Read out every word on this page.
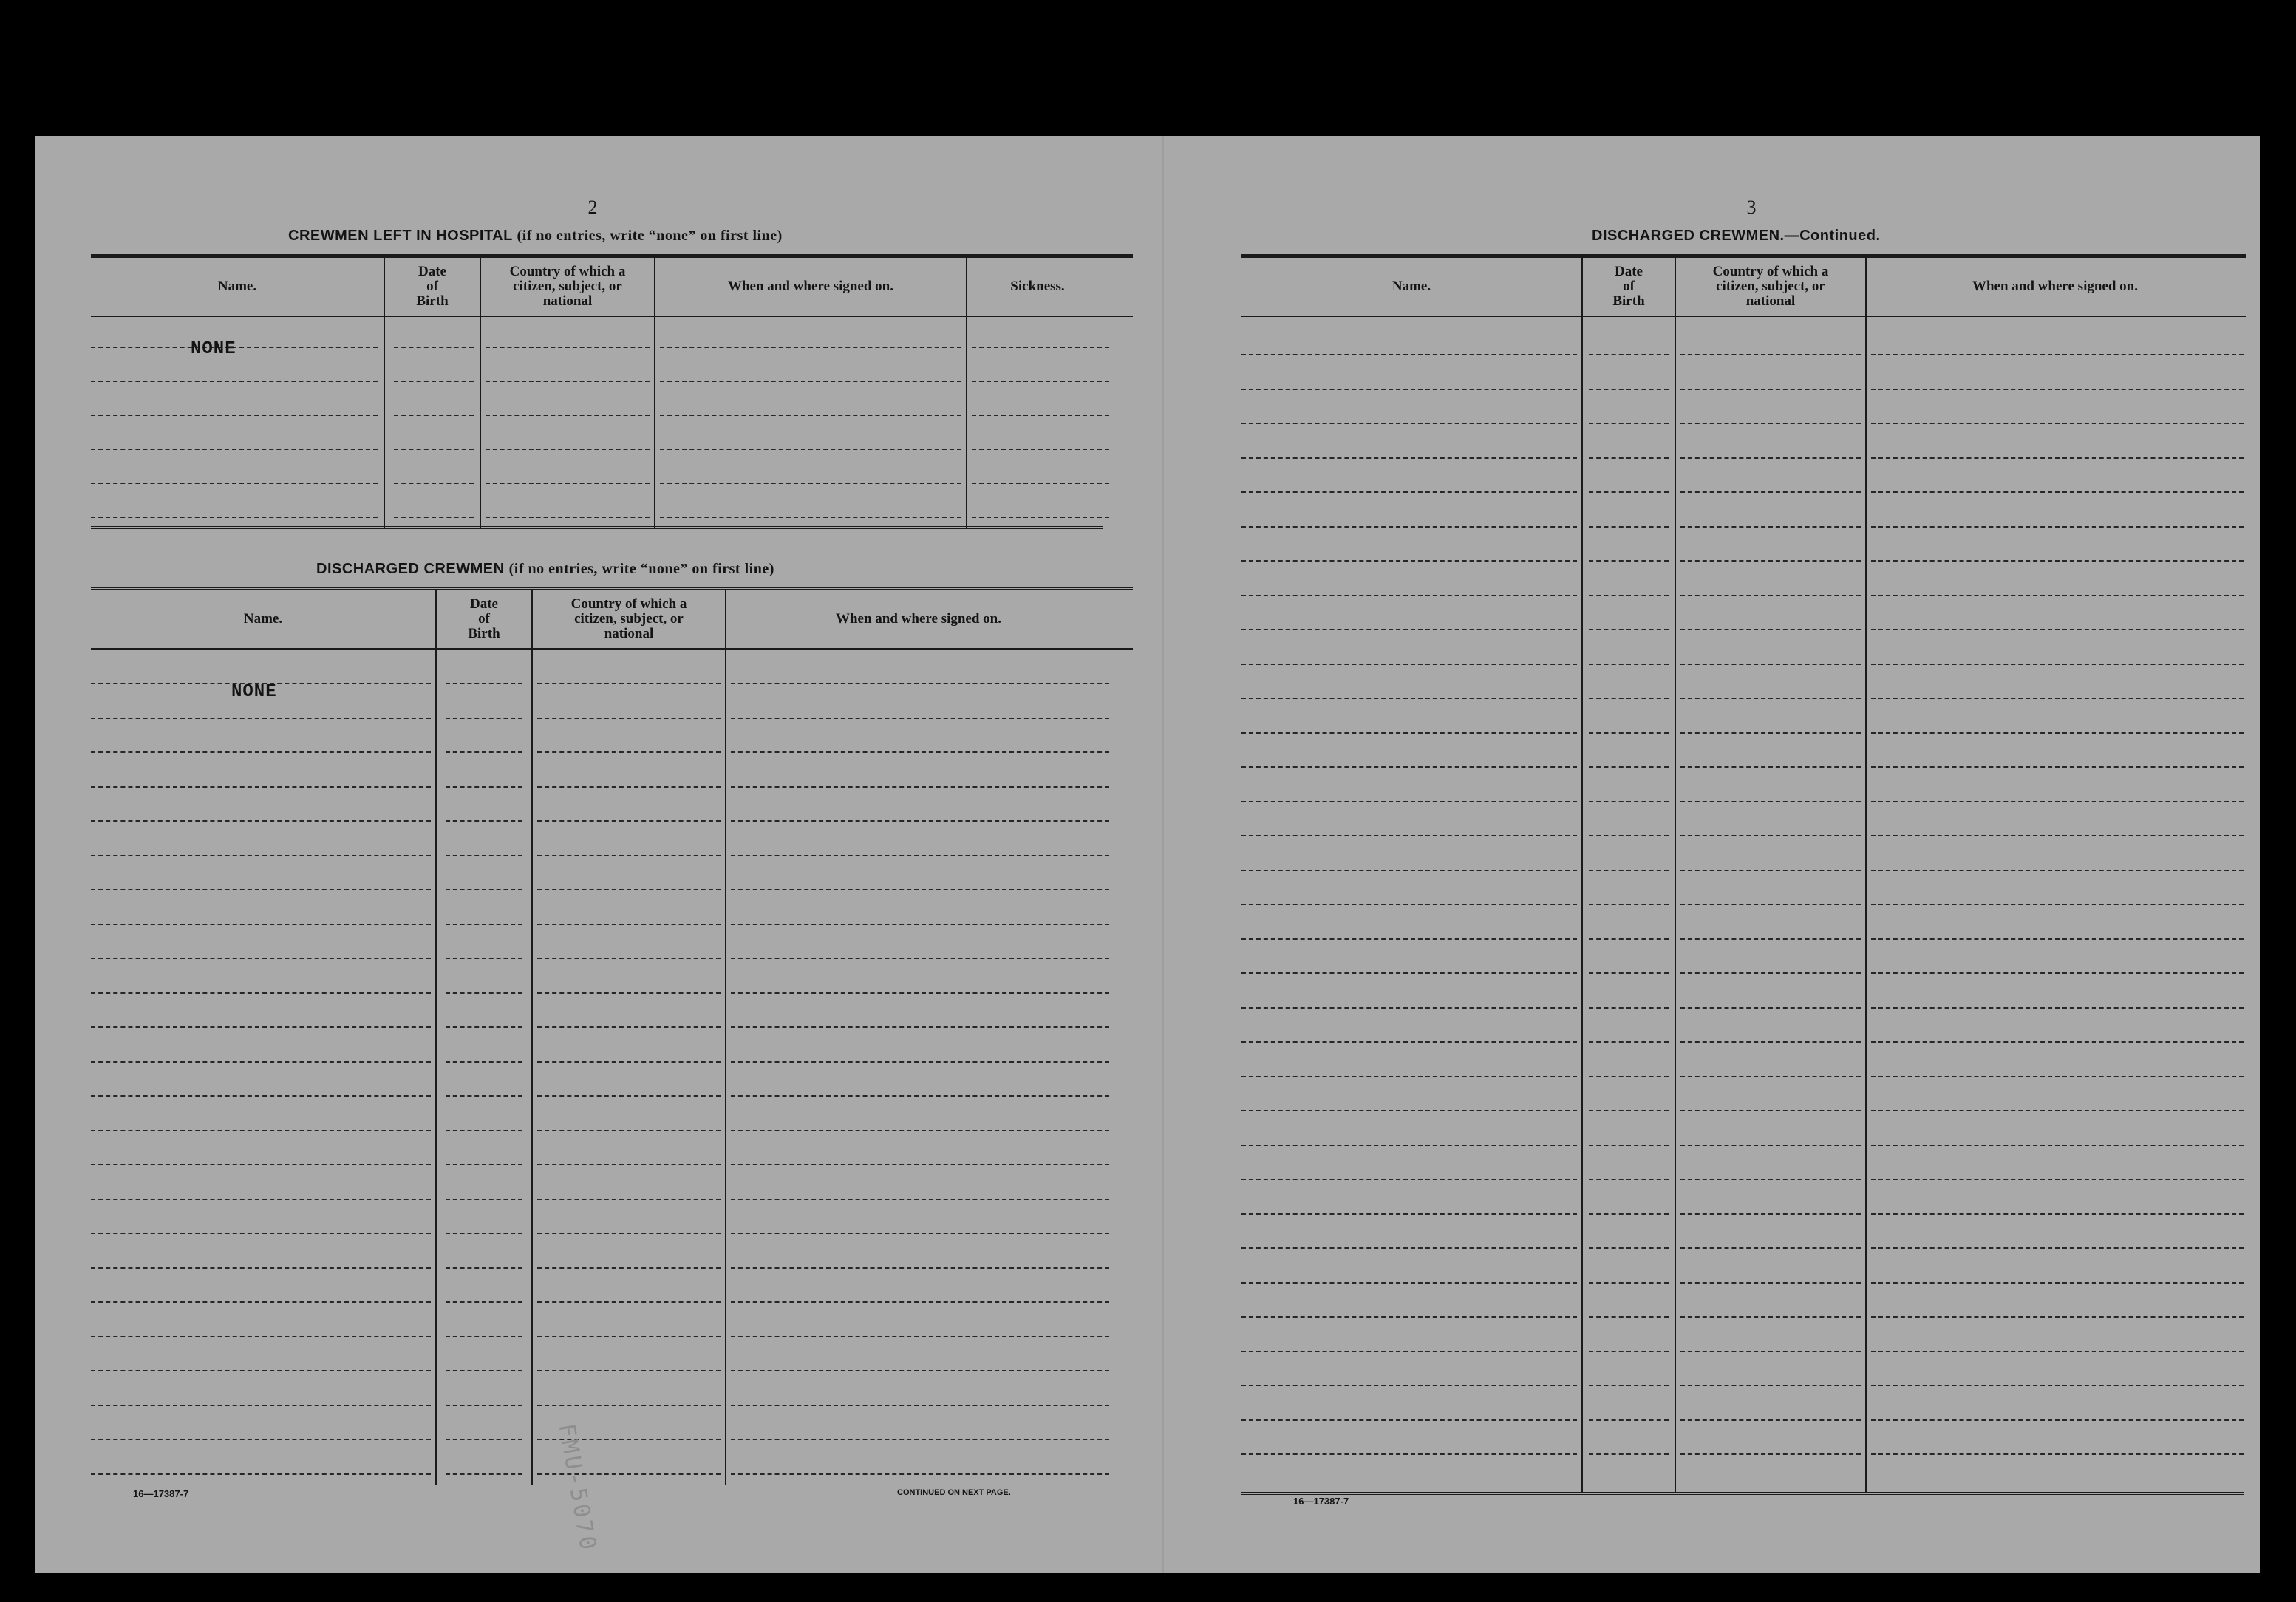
2
CREWMEN LEFT IN HOSPITAL (if no entries, write “none” on first line)
Name.
Date
of
Birth
Country of which a
citizen, subject, or
national
When and where signed on.	Sickness.
NONE
DISCHARGED CREWMEN (if no entries, write “none” on first line)
Name.
Date
of
Birth
Country of which a
citizen, subject, or
national
When and where signed on.
NONE
FMU-5070
16—17387-7	CONTINUED ON NEXT PAGE.
3
DISCHARGED CREWMEN.—Continued.
Name.
Date
of
Birth
Country of which a
citizen, subject, or
national
When and where signed on.
16—17387-7
